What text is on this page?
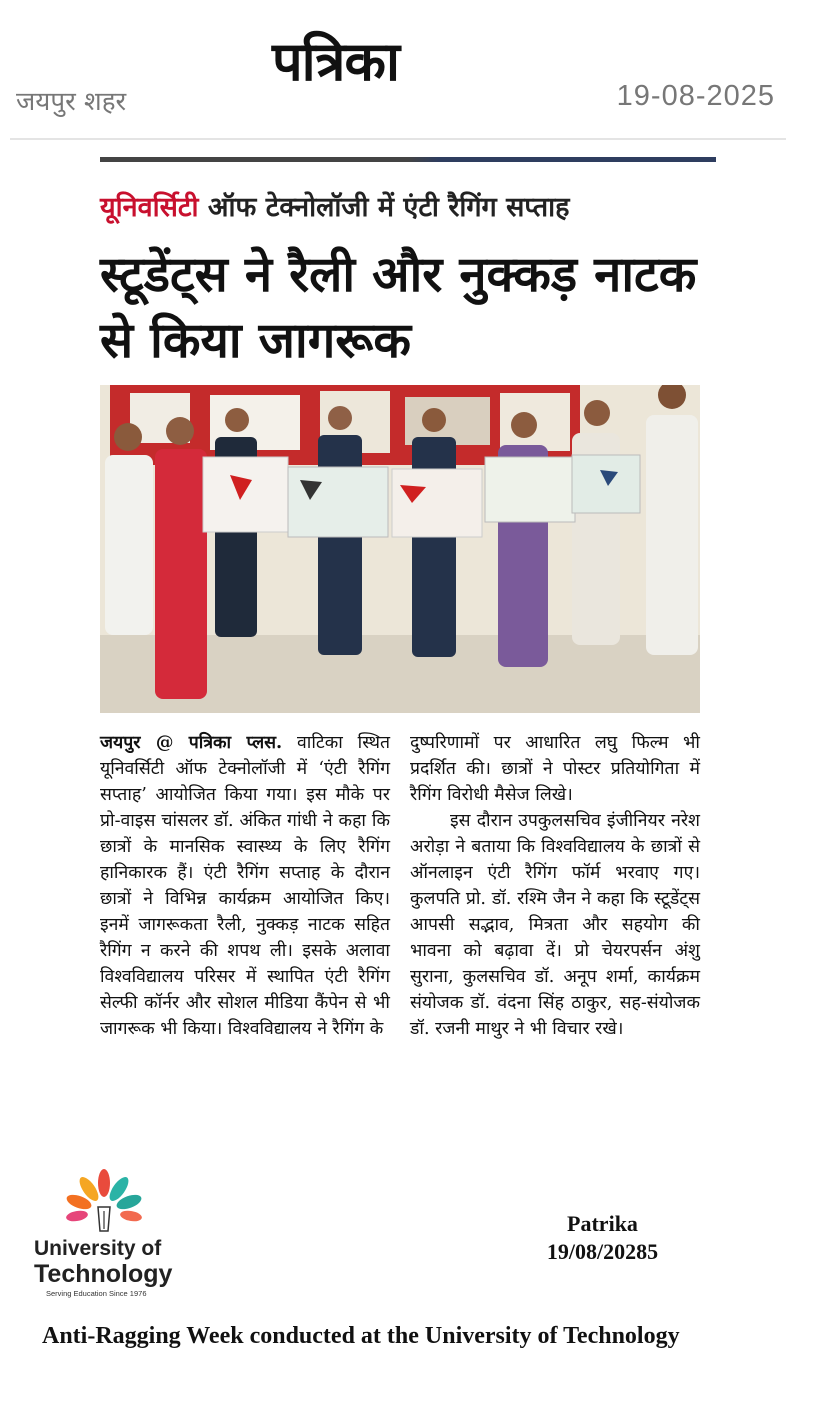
पत्रिका
जयपुर शहर	19-08-2025
यूनिवर्सिटी ऑफ टेक्नोलॉजी में एंटी रैगिंग सप्ताह
स्टूडेंट्स ने रैली और नुक्कड़ नाटक से किया जागरूक

जयपुर @ पत्रिका प्लस. वाटिका स्थित यूनिवर्सिटी ऑफ टेक्नोलॉजी में ‘एंटी रैगिंग सप्ताह’ आयोजित किया गया। इस मौके पर प्रो-वाइस चांसलर डॉ. अंकित गांधी ने कहा कि छात्रों के मानसिक स्वास्थ्य के लिए रैगिंग हानिकारक हैं। एंटी रैगिंग सप्ताह के दौरान छात्रों ने विभिन्न कार्यक्रम आयोजित किए। इनमें जागरूकता रैली, नुक्कड़ नाटक सहित रैगिंग न करने की शपथ ली। इसके अलावा विश्वविद्यालय परिसर में स्थापित एंटी रैगिंग सेल्फी कॉर्नर और सोशल मीडिया कैंपेन से भी जागरूक भी किया। विश्वविद्यालय ने रैगिंग के

दुष्परिणामों पर आधारित लघु फिल्म भी प्रदर्शित की। छात्रों ने पोस्टर प्रतियोगिता में रैगिंग विरोधी मैसेज लिखे।

इस दौरान उपकुलसचिव इंजीनियर नरेश अरोड़ा ने बताया कि विश्वविद्यालय के छात्रों से ऑनलाइन एंटी रैगिंग फॉर्म भरवाए गए। कुलपति प्रो. डॉ. रश्मि जैन ने कहा कि स्टूडेंट्स आपसी सद्भाव, मित्रता और सहयोग की भावना को बढ़ावा दें। प्रो चेयरपर्सन अंशु सुराना, कुलसचिव डॉ. अनूप शर्मा, कार्यक्रम संयोजक डॉ. वंदना सिंह ठाकुर, सह-संयोजक डॉ. रजनी माथुर ने भी विचार रखे।

University of
Technology
Serving Education Since 1976
Patrika
19/08/20285
Anti-Ragging Week conducted at the University of Technology
